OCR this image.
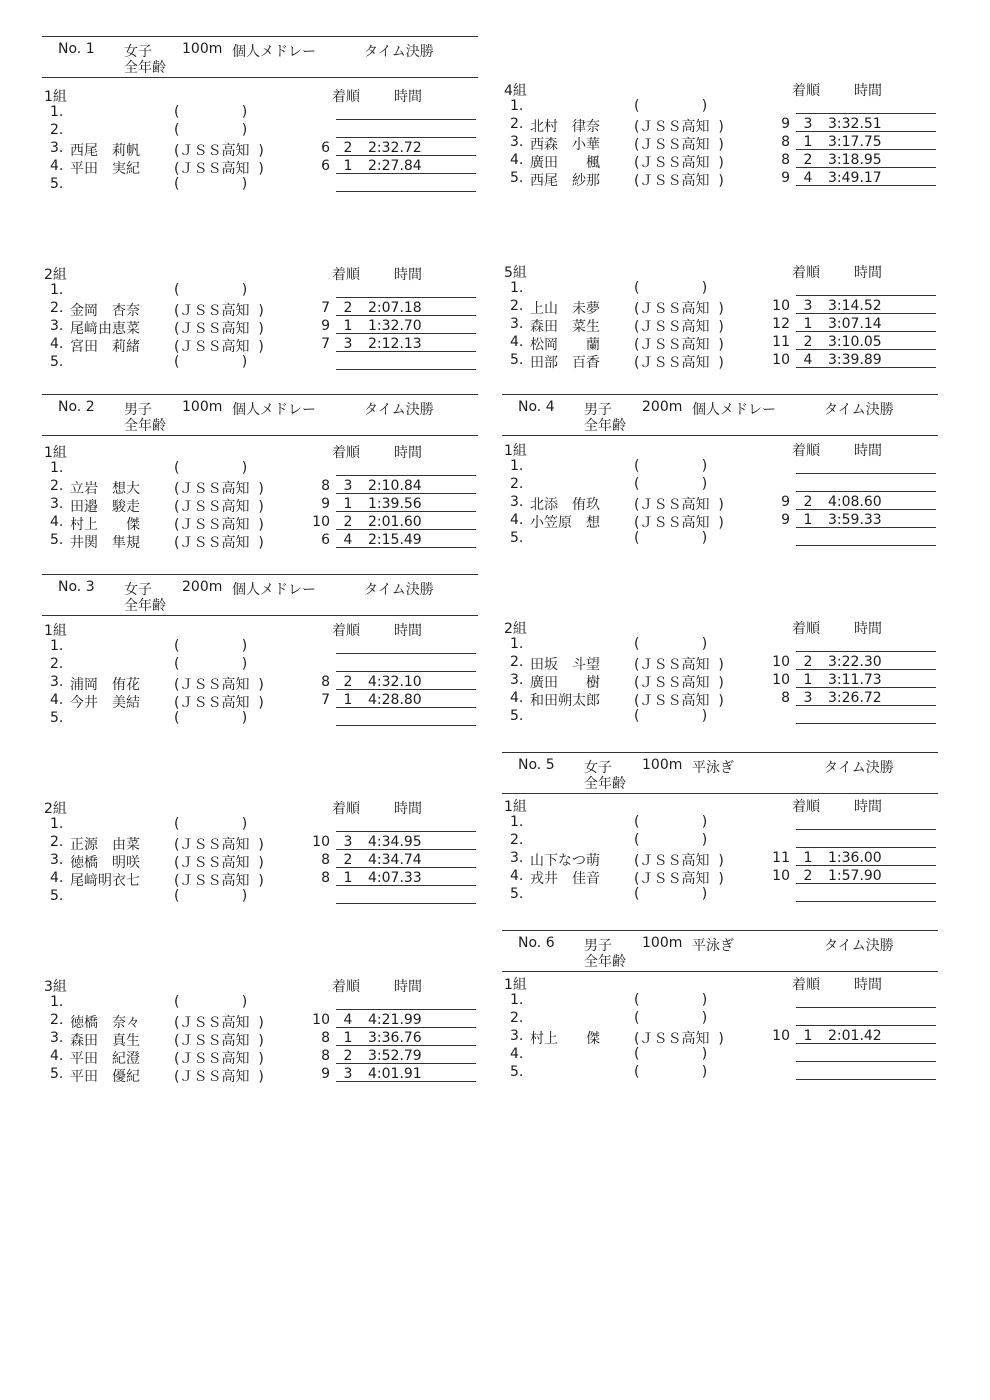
No. 1 女子 100m 個人メドレー	タイム決勝
全年齢
No. 2 男子 100m 個人メドレー	タイム決勝
全年齢
No. 3 女子 200m 個人メドレー	タイム決勝
全年齢
1組	着順 時間
1.	(              )
2.	(              )
3. 西尾　莉帆 (ＪＳＳ高知  )	6 2 2:32.72
4. 平田　実紀 (ＪＳＳ高知  )	6 1 2:27.84
5.	(              )
2組	着順 時間
1.	(              )
2. 金岡　杏奈 (ＪＳＳ高知  )	7 2 2:07.18
3. 尾﨑由恵菜 (ＪＳＳ高知  )	9 1 1:32.70
4. 宮田　莉緒 (ＪＳＳ高知  )	7 3 2:12.13
5.	(              )
1組	着順 時間
1.	(              )
2. 立岩　想大 (ＪＳＳ高知  )	8 3 2:10.84
3. 田邉　駿走 (ＪＳＳ高知  )	9 1 1:39.56
4. 村上　　傑 (ＪＳＳ高知  )	10 2 2:01.60
5. 井関　隼規 (ＪＳＳ高知  )	6 4 2:15.49
1組	着順 時間
1.	(              )
2.	(              )
3. 浦岡　侑花 (ＪＳＳ高知  )	8 2 4:32.10
4. 今井　美結 (ＪＳＳ高知  )	7 1 4:28.80
5.	(              )
2組	着順 時間
1.	(              )
2. 正源　由菜 (ＪＳＳ高知  )	10 3 4:34.95
3. 徳橋　明咲 (ＪＳＳ高知  )	8 2 4:34.74
4. 尾﨑明衣七 (ＪＳＳ高知  )	8 1 4:07.33
5.	(              )
3組	着順 時間
1.	(              )
2. 徳橋　奈々 (ＪＳＳ高知  )	10 4 4:21.99
3. 森田　真生 (ＪＳＳ高知  )	8 1 3:36.76
4. 平田　紀澄 (ＪＳＳ高知  )	8 2 3:52.79
5. 平田　優紀 (ＪＳＳ高知  )	9 3 4:01.91
No. 4 男子 200m 個人メドレー	タイム決勝
全年齢
No. 5 女子 100m 平泳ぎ	タイム決勝
全年齢
No. 6 男子 100m 平泳ぎ	タイム決勝
全年齢
4組	着順 時間
1.	(              )
2. 北村　律奈 (ＪＳＳ高知  )	9 3 3:32.51
3. 西森　小華 (ＪＳＳ高知  )	8 1 3:17.75
4. 廣田　　楓 (ＪＳＳ高知  )	8 2 3:18.95
5. 西尾　紗那 (ＪＳＳ高知  )	9 4 3:49.17
5組	着順 時間
1.	(              )
2. 上山　未夢 (ＪＳＳ高知  )	10 3 3:14.52
3. 森田　菜生 (ＪＳＳ高知  )	12 1 3:07.14
4. 松岡　　蘭 (ＪＳＳ高知  )	11 2 3:10.05
5. 田部　百香 (ＪＳＳ高知  )	10 4 3:39.89
1組	着順 時間
1.	(              )
2.	(              )
3. 北添　侑玖 (ＪＳＳ高知  )	9 2 4:08.60
4. 小笠原　想 (ＪＳＳ高知  )	9 1 3:59.33
5.	(              )
2組	着順 時間
1.	(              )
2. 田坂　斗望 (ＪＳＳ高知  )	10 2 3:22.30
3. 廣田　　樹 (ＪＳＳ高知  )	10 1 3:11.73
4. 和田朔太郎 (ＪＳＳ高知  )	8 3 3:26.72
5.	(              )
1組	着順 時間
1.	(              )
2.	(              )
3. 山下なつ萌 (ＪＳＳ高知  )	11 1 1:36.00
4. 戎井　佳音 (ＪＳＳ高知  )	10 2 1:57.90
5.	(              )
1組	着順 時間
1.	(              )
2.	(              )
3. 村上　　傑 (ＪＳＳ高知  )	10 1 2:01.42
4.	(              )
5.	(              )
